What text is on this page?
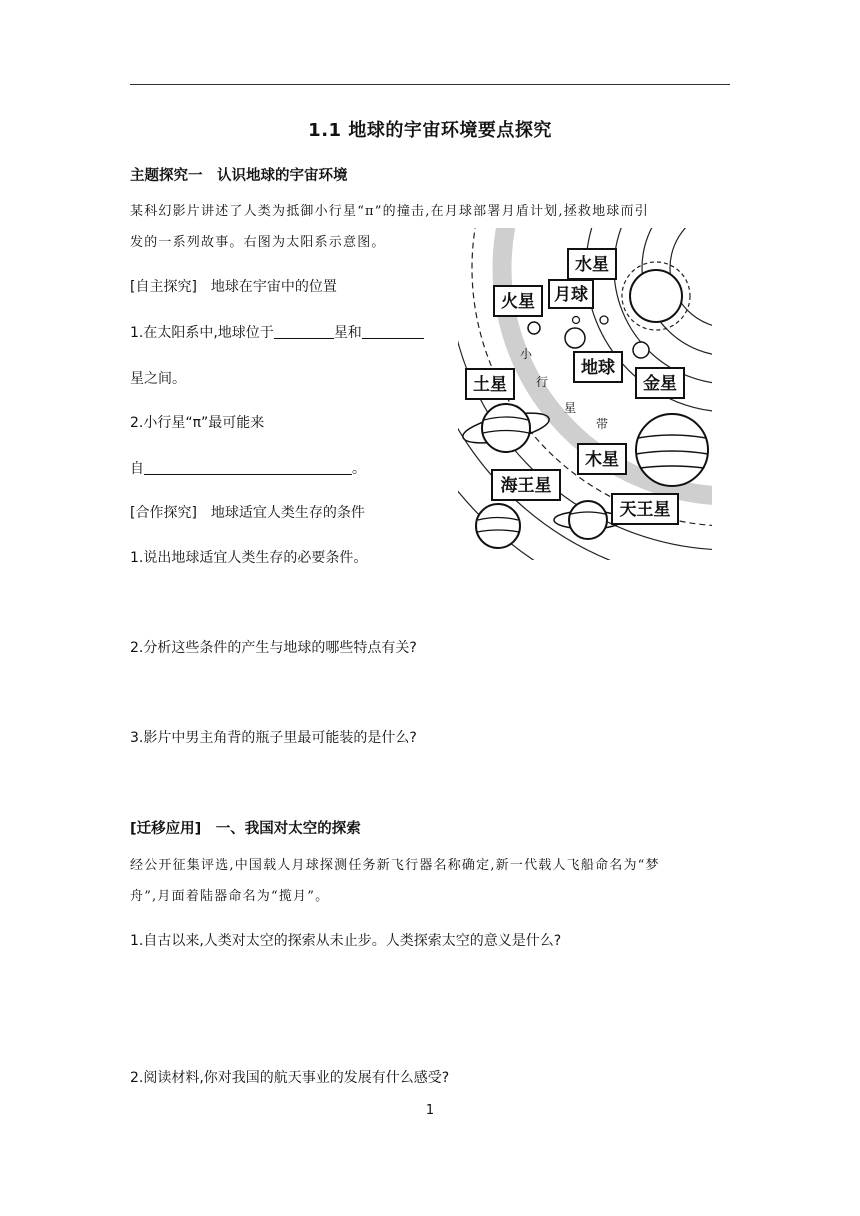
1.1 地球的宇宙环境要点探究
主题探究一　认识地球的宇宙环境
某科幻影片讲述了人类为抵御小行星“π”的撞击,在月球部署月盾计划,拯救地球而引
发的一系列故事。右图为太阳系示意图。
[自主探究]　地球在宇宙中的位置
1.在太阳系中,地球位于	星和
星之间。
2.小行星“π”最可能来
自	。
[合作探究]　地球适宜人类生存的条件
1.说出地球适宜人类生存的必要条件。
2.分析这些条件的产生与地球的哪些特点有关?
3.影片中男主角背的瓶子里最可能装的是什么?
[迁移应用]　一、我国对太空的探索
经公开征集评选,中国载人月球探测任务新飞行器名称确定,新一代载人飞船命名为“梦
舟”,月面着陆器命名为“揽月”。
1.自古以来,人类对太空的探索从未止步。人类探索太空的意义是什么?
2.阅读材料,你对我国的航天事业的发展有什么感受?
1
水星
火星 月球
地球
金星
土星
木星
海王星
天王星
小
行
星
带
